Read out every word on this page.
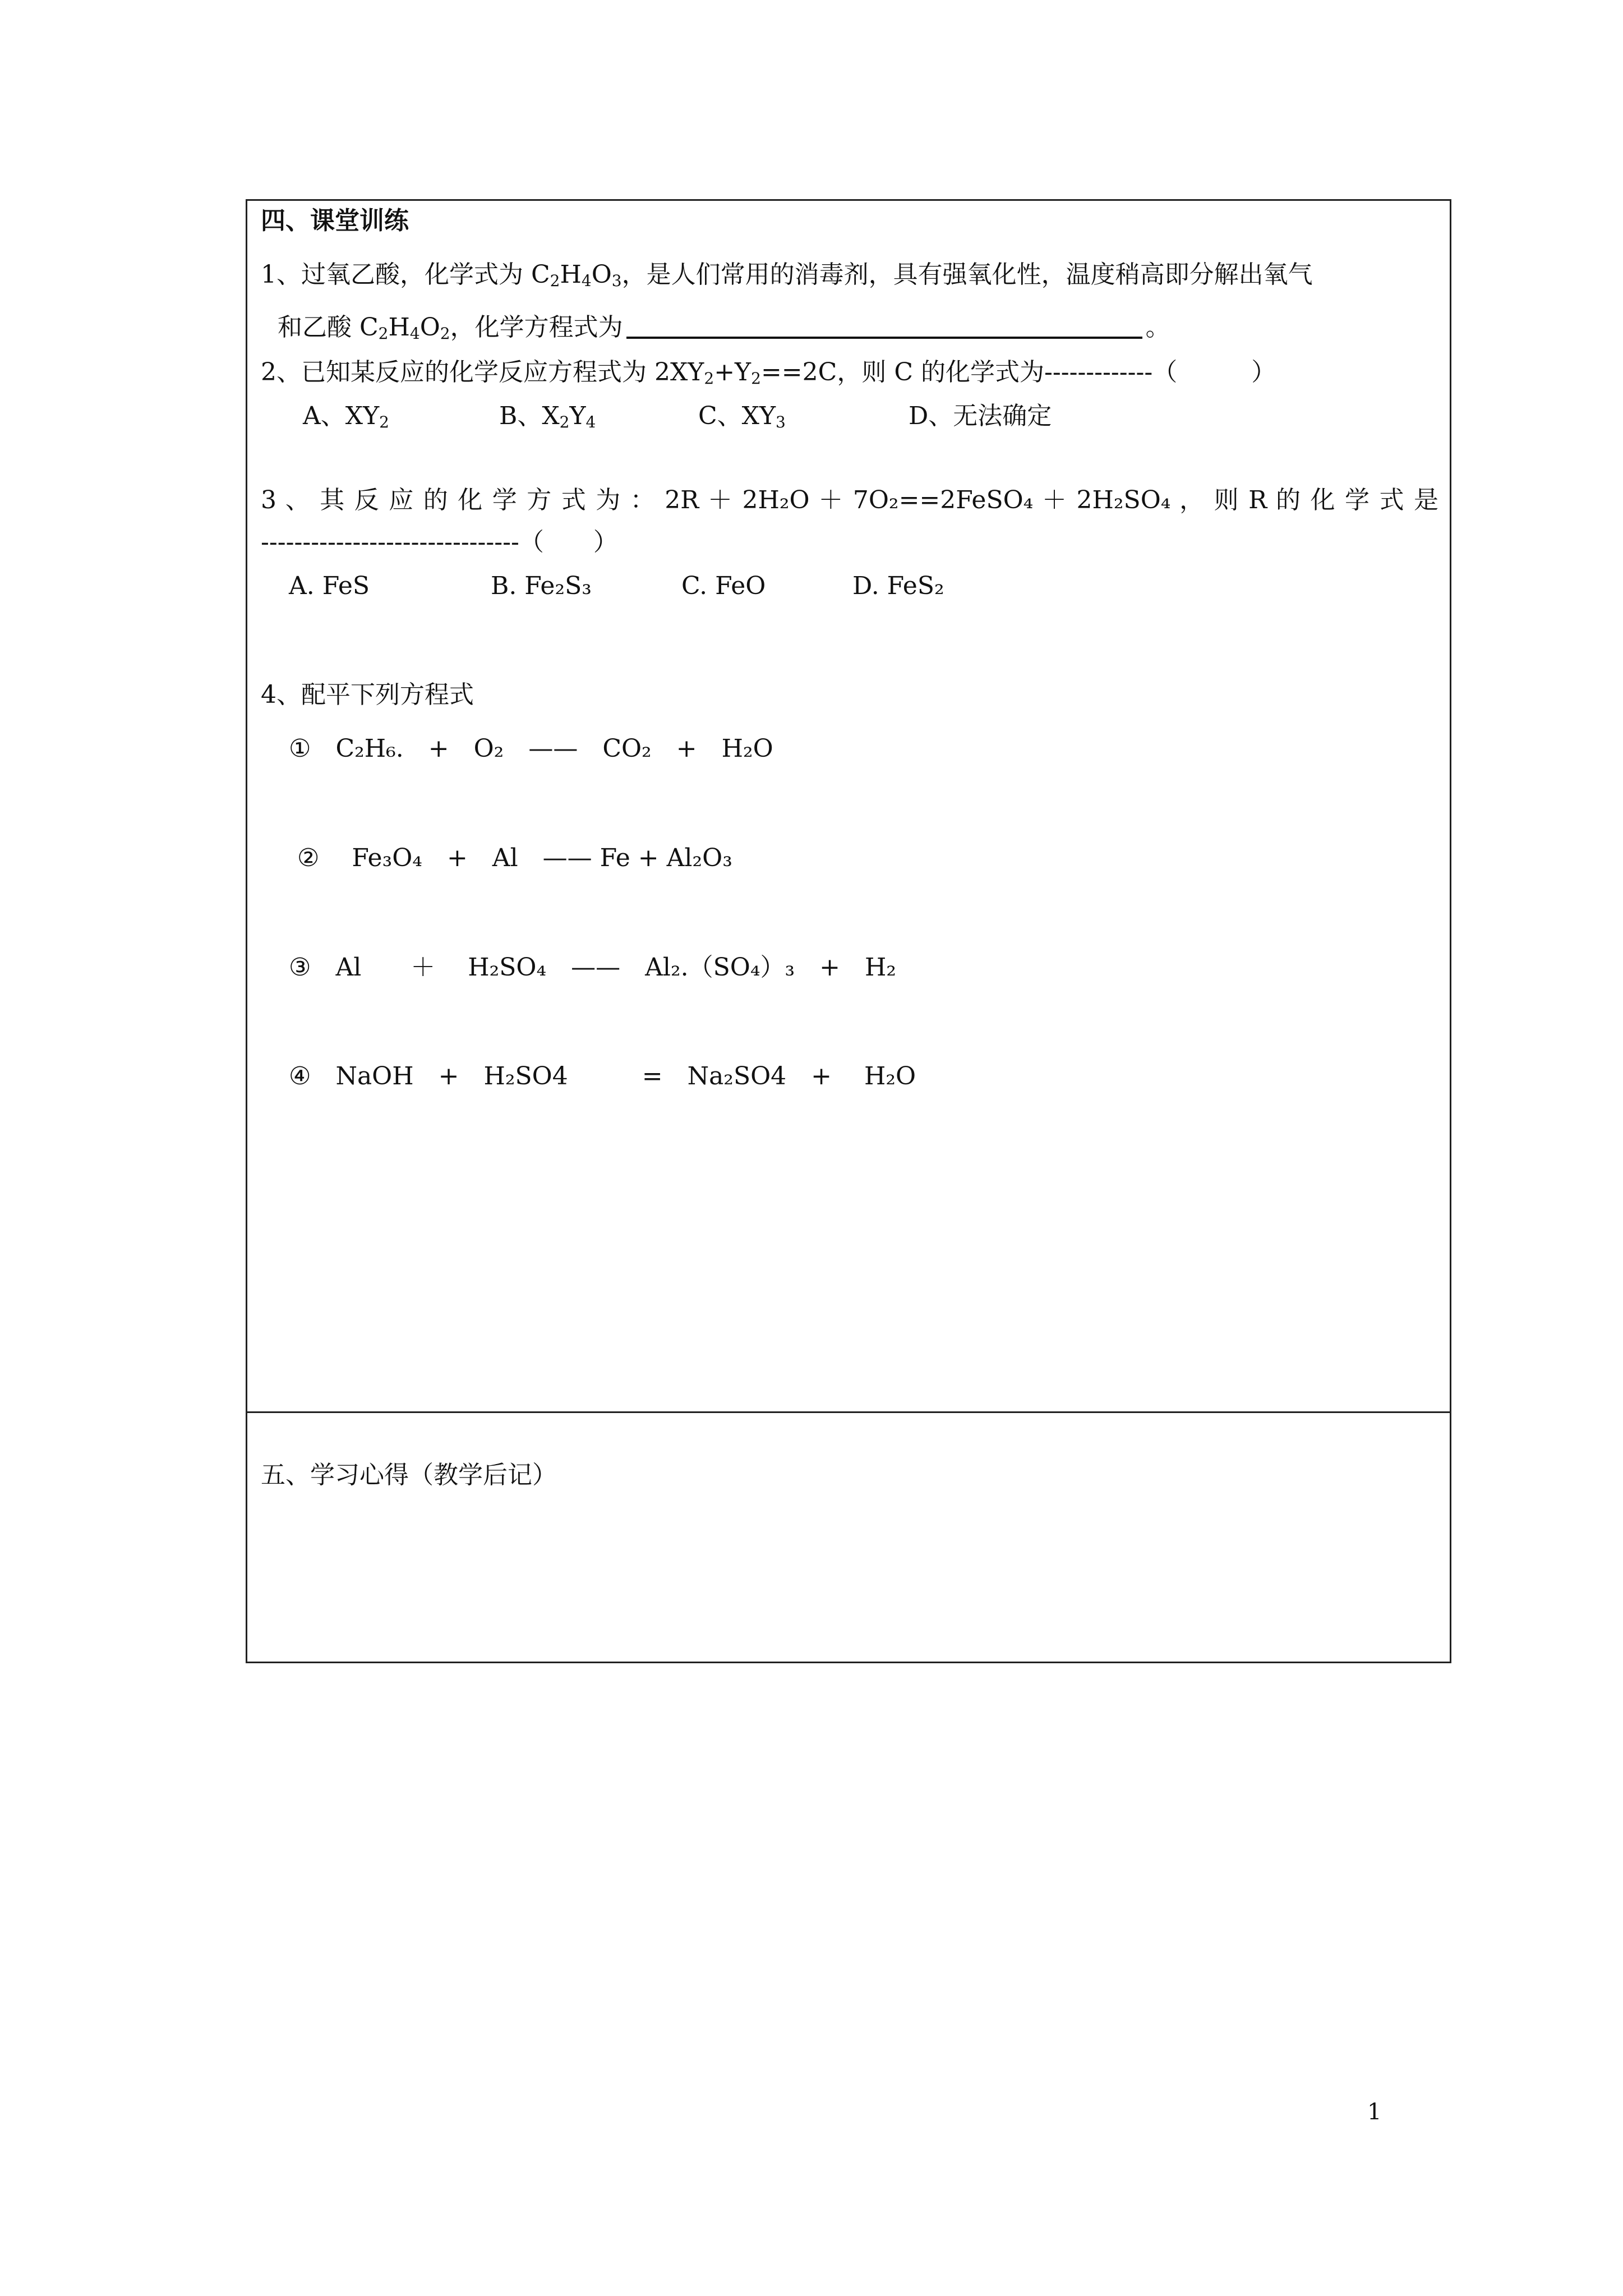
四、课堂训练
1、过氧乙酸，化学式为 $C_2H_4O_3$，是人们常用的消毒剂，具有强氧化性，温度稍高即分解出氧气
和乙酸 $C_2H_4O_2$，化学方程式为	。
2、已知某反应的化学反应方程式为 $2XY_2+Y_2==2C$，则 C 的化学式为-------------（　　　）
A、$XY_2$	B、$X_2Y_4$	C、$XY_3$	D、无法确定
3 、 其 反 应 的 化 学 方 式 为 ： 2R ＋ 2H₂O ＋ 7O₂==2FeSO₄ ＋ 2H₂SO₄ ， 则 R 的 化 学 式 是
-------------------------------（　　）
A. FeS	B. Fe₂S₃	C. FeO	D. FeS₂
4、配平下列方程式
①　C₂H₆.　+　O₂　——　CO₂　+　H₂O
②　 Fe₃O₄　+　Al　—— Fe + Al₂O₃
③　Al　　＋　 H₂SO₄　——　Al₂.（SO₄）₃　+　H₂
④　NaOH　+　H₂SO4　　　=　Na₂SO4　+　 H₂O
五、学习心得（教学后记）
1
